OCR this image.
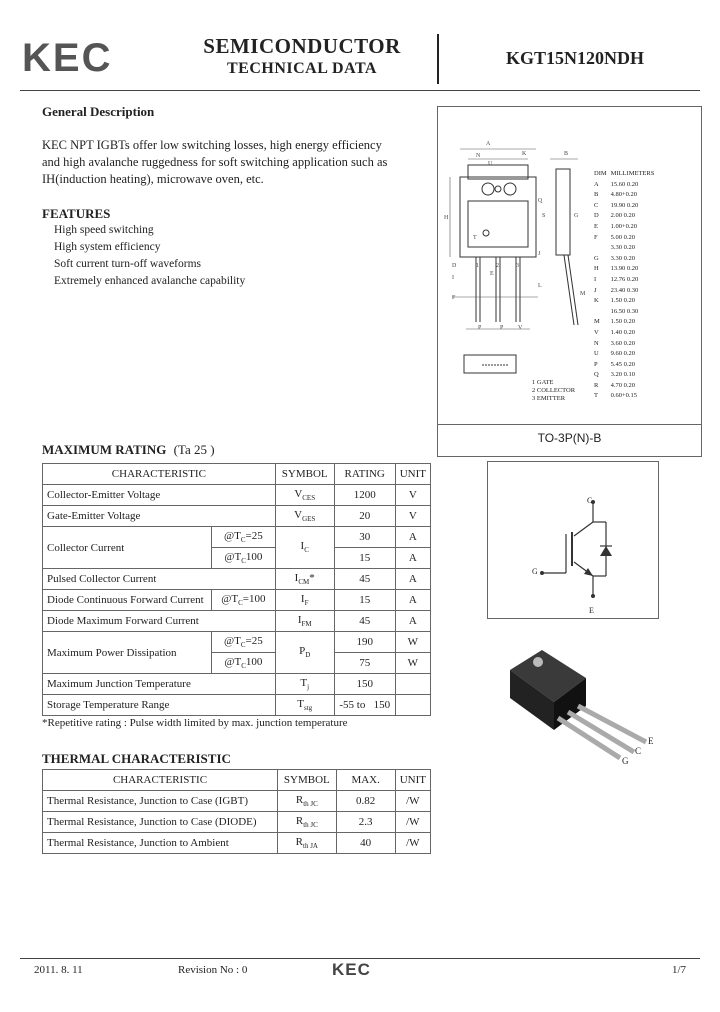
KEC	SEMICONDUCTOR
TECHNICAL DATA
KGT15N120NDH
General Description
KEC NPT IGBTs offer low switching losses, high energy efficiency
and high avalanche ruggedness for soft switching application such as
IH(induction heating), microwave oven, etc.
FEATURES
High speed switching
High system efficiency
Soft current turn-off waveforms
Extremely enhanced avalanche capability
A
B
N
U
K
H	S
Q
D
I
E
L
M
F
P	P V
J
G
T
1	2	3
DIM	MILLIMETERS
A	15.60 0.20
B	4.80+0.20
C	19.90 0.20
D	2.00 0.20
E	1.00+0.20
F	5.00 0.20
	3.30 0.20
G	3.30 0.20
H	13.90 0.20
I	12.76 0.20
J	23.40 0.30
K	1.50 0.20
	16.50 0.30
M	1.50 0.20
V	1.40 0.20
N	3.60 0.20
U	9.60 0.20
P	5.45 0.20
Q	3.20 0.10
R	4.70 0.20
T	0.60+0.15
1 GATE
2 COLLECTOR
3 EMITTER
TO-3P(N)-B
C
G
E
E
C
G
MAXIMUM RATING (Ta 25 )
CHARACTERISTIC		SYMBOL	RATING	UNIT
Collector-Emitter Voltage		$V_{CES}$	1200	V
Gate-Emitter Voltage		$V_{GES}$	20	V
Collector Current	$@T_C=25$	$I_C$	30	A
	$@T_C100$		15	A
Pulsed Collector Current		$I_{CM}*$	45	A
Diode Continuous Forward Current	$@T_C=100$	$I_F$	15	A
Diode Maximum Forward Current		$I_{FM}$	45	A
Maximum Power Dissipation	$@T_C=25$	$P_D$	190	W
	$@T_C100$		75	W
Maximum Junction Temperature		$T_j$	150	
Storage Temperature Range		$T_{stg}$	-55 to   150	
*Repetitive rating : Pulse width limited by max. junction temperature
THERMAL CHARACTERISTIC
CHARACTERISTIC	SYMBOL	MAX.	UNIT
Thermal Resistance, Junction to Case (IGBT)	$R_{th JC}$	0.82	/W
Thermal Resistance, Junction to Case (DIODE)	$R_{th JC}$	2.3	/W
Thermal Resistance, Junction to Ambient	$R_{th JA}$	40	/W
2011. 8. 11	Revision No : 0	KEC	1/7
